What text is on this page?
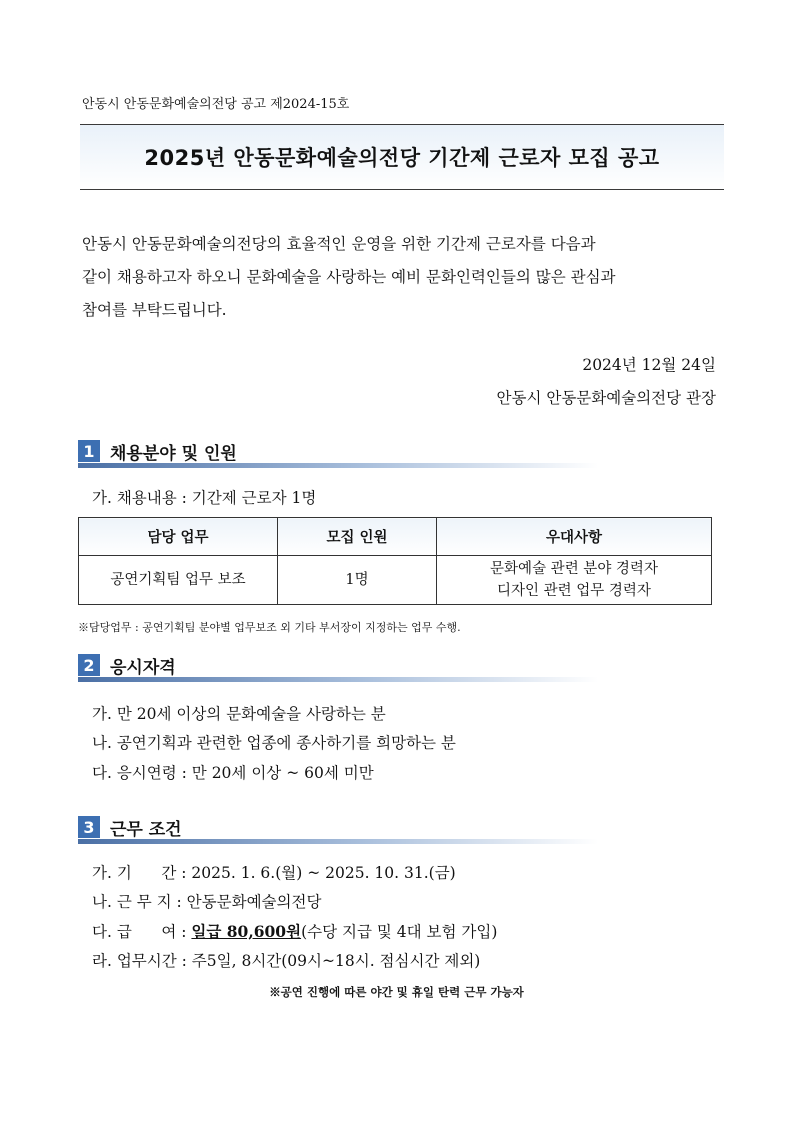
안동시 안동문화예술의전당 공고 제2024-15호
2025년 안동문화예술의전당 기간제 근로자 모집 공고
안동시 안동문화예술의전당의 효율적인 운영을 위한 기간제 근로자를 다음과
같이 채용하고자 하오니 문화예술을 사랑하는 예비 문화인력인들의 많은 관심과
참여를 부탁드립니다.
2024년 12월 24일
안동시 안동문화예술의전당 관장
1 채용분야 및 인원
가. 채용내용 : 기간제 근로자 1명
담당 업무	모집 인원	우대사항
공연기획팀 업무 보조	1명	문화예술 관련 분야 경력자
디자인 관련 업무 경력자
※담당업무 : 공연기획팀 분야별 업무보조 외 기타 부서장이 지정하는 업무 수행.
2 응시자격
가. 만 20세 이상의 문화예술을 사랑하는 분
나. 공연기획과 관련한 업종에 종사하기를 희망하는 분
다. 응시연령 : 만 20세 이상 ~ 60세 미만
3 근무 조건
가. 기      간 : 2025. 1. 6.(월) ~ 2025. 10. 31.(금)
나. 근 무 지 : 안동문화예술의전당
다. 급      여 : 일급 80,600원(수당 지급 및 4대 보험 가입)
라. 업무시간 : 주5일, 8시간(09시~18시. 점심시간 제외)
※공연 진행에 따른 야간 및 휴일 탄력 근무 가능자
